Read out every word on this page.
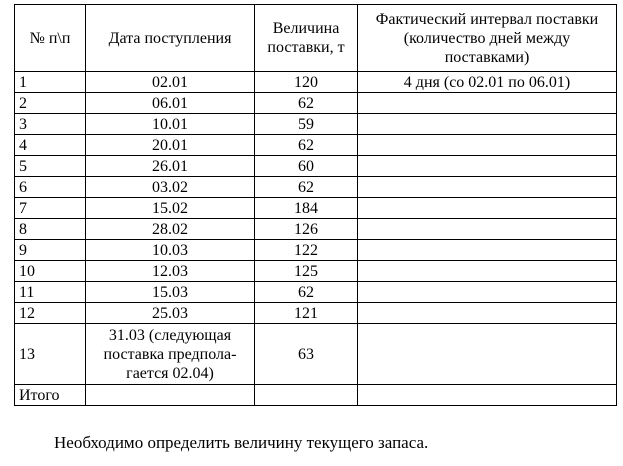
№ п\п	Дата поступления	Величина поставки, т	Фактический интервал поставки (количество дней между поставками)
1	02.01	120	4 дня (со 02.01 по 06.01)
2	06.01	62	
3	10.01	59	
4	20.01	62	
5	26.01	60	
6	03.02	62	
7	15.02	184	
8	28.02	126	
9	10.03	122	
10	12.03	125	
11	15.03	62	
12	25.03	121	
13	31.03 (следующая поставка предпола-гается 02.04)	63	
Итого			
Необходимо определить величину текущего запаса.
